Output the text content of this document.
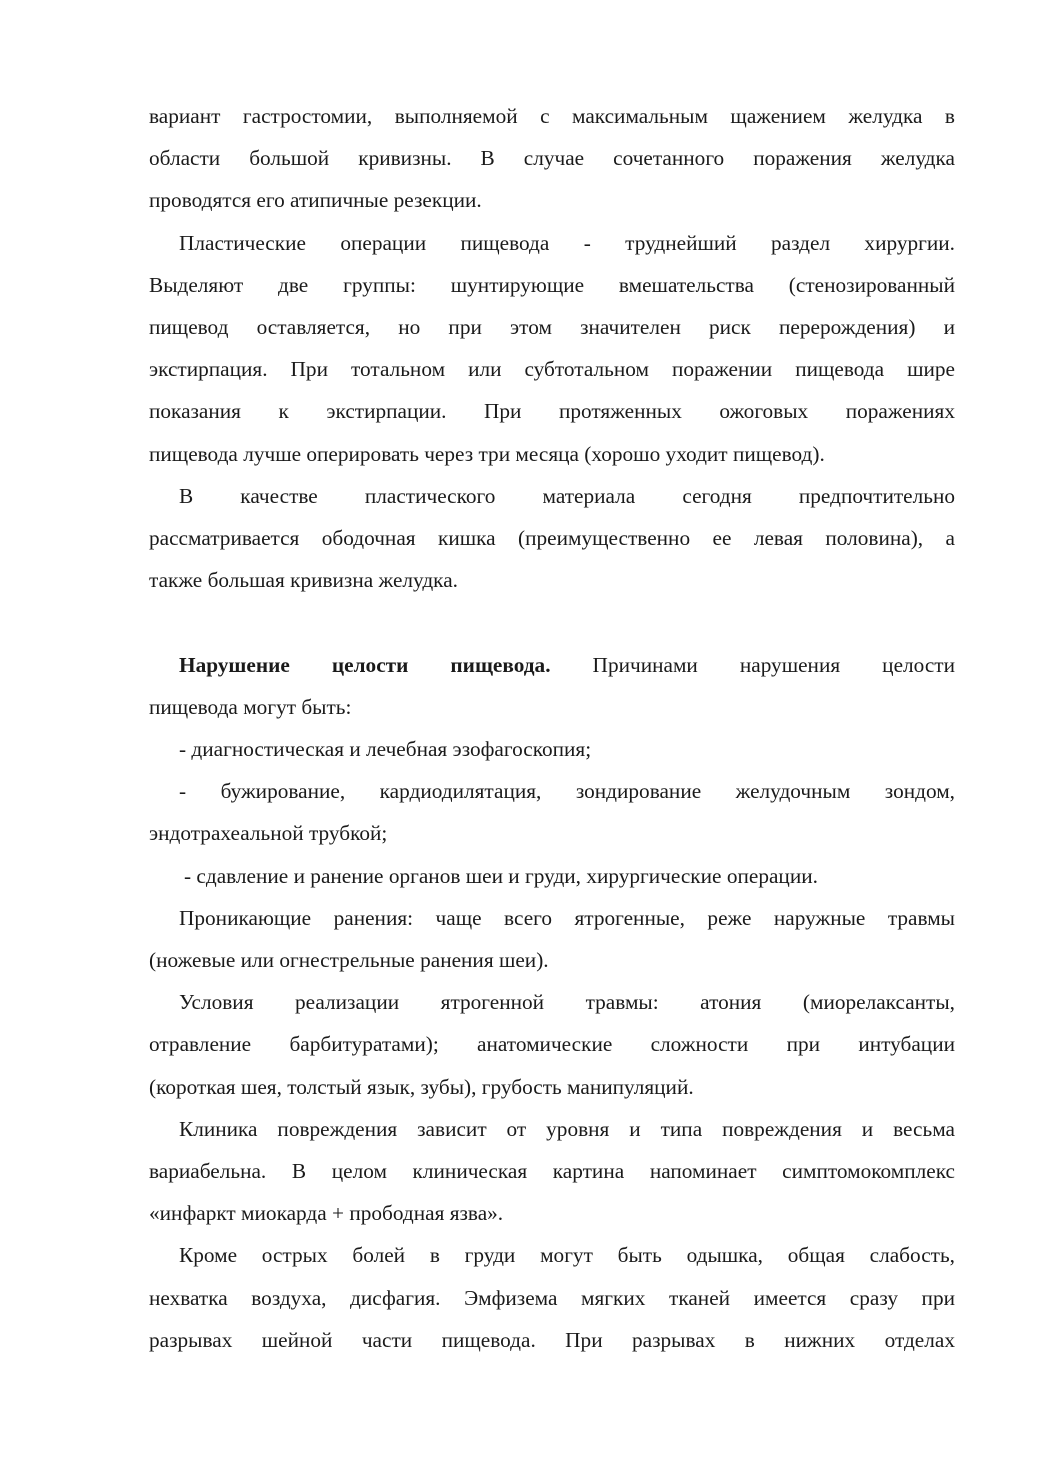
вариант гастростомии, выполняемой с максимальным щажением желудка в
области большой кривизны. В случае сочетанного поражения желудка
проводятся его атипичные резекции.
Пластические операции пищевода - труднейший раздел хирургии.
Выделяют две группы: шунтирующие вмешательства (стенозированный
пищевод оставляется, но при этом значителен риск перерождения) и
экстирпация. При тотальном или субтотальном поражении пищевода шире
показания к экстирпации. При протяженных ожоговых поражениях
пищевода лучше оперировать через три месяца (хорошо уходит пищевод).
В качестве пластического материала сегодня предпочтительно
рассматривается ободочная кишка (преимущественно ее левая половина), а
также большая кривизна желудка.
Нарушение целости пищевода. Причинами нарушения целости
пищевода могут быть:
- диагностическая и лечебная эзофагоскопия;
- бужирование, кардиодилятация, зондирование желудочным зондом,
эндотрахеальной трубкой;
- сдавление и ранение органов шеи и груди, хирургические операции.
Проникающие ранения: чаще всего ятрогенные, реже наружные травмы
(ножевые или огнестрельные ранения шеи).
Условия реализации ятрогенной травмы: атония (миорелаксанты,
отравление барбитуратами); анатомические сложности при интубации
(короткая шея, толстый язык, зубы), грубость манипуляций.
Клиника повреждения зависит от уровня и типа повреждения и весьма
вариабельна. В целом клиническая картина напоминает симптомокомплекс
«инфаркт миокарда + прободная язва».
Кроме острых болей в груди могут быть одышка, общая слабость,
нехватка воздуха, дисфагия. Эмфизема мягких тканей имеется сразу при
разрывах шейной части пищевода. При разрывах в нижних отделах
